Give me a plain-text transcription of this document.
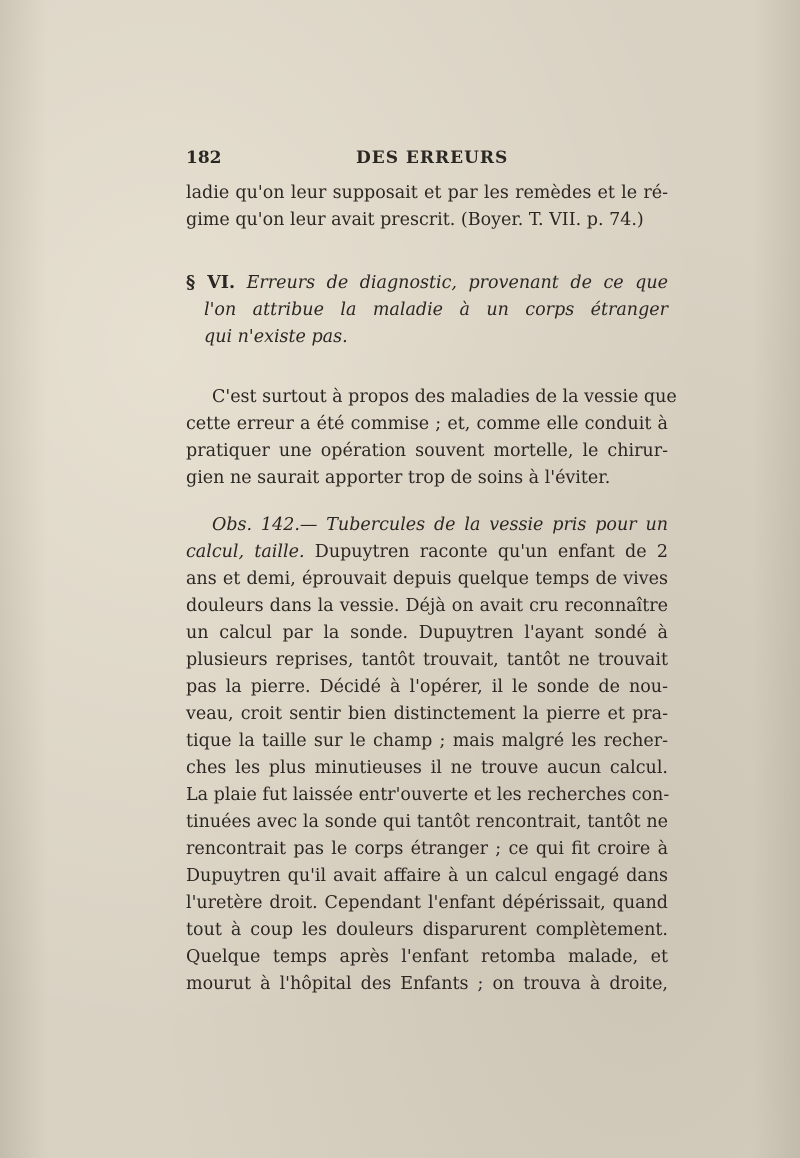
182	DES ERREURS
ladie qu'on leur supposait et par les remèdes et le ré-
gime qu'on leur avait prescrit. (Boyer. T. VII. p. 74.)
§ VI. Erreurs de diagnostic, provenant de ce que
l'on attribue la maladie à un corps étranger
qui n'existe pas.
C'est surtout à propos des maladies de la vessie que
cette erreur a été commise ; et, comme elle conduit à
pratiquer une opération souvent mortelle, le chirur-
gien ne saurait apporter trop de soins à l'éviter.
Obs. 142.— Tubercules de la vessie pris pour un
calcul, taille. Dupuytren raconte qu'un enfant de 2
ans et demi, éprouvait depuis quelque temps de vives
douleurs dans la vessie. Déjà on avait cru reconnaître
un calcul par la sonde. Dupuytren l'ayant sondé à
plusieurs reprises, tantôt trouvait, tantôt ne trouvait
pas la pierre. Décidé à l'opérer, il le sonde de nou-
veau, croit sentir bien distinctement la pierre et pra-
tique la taille sur le champ ; mais malgré les recher-
ches les plus minutieuses il ne trouve aucun calcul.
La plaie fut laissée entr'ouverte et les recherches con-
tinuées avec la sonde qui tantôt rencontrait, tantôt ne
rencontrait pas le corps étranger ; ce qui fit croire à
Dupuytren qu'il avait affaire à un calcul engagé dans
l'uretère droit. Cependant l'enfant dépérissait, quand
tout à coup les douleurs disparurent complètement.
Quelque temps après l'enfant retomba malade, et
mourut à l'hôpital des Enfants ; on trouva à droite,
